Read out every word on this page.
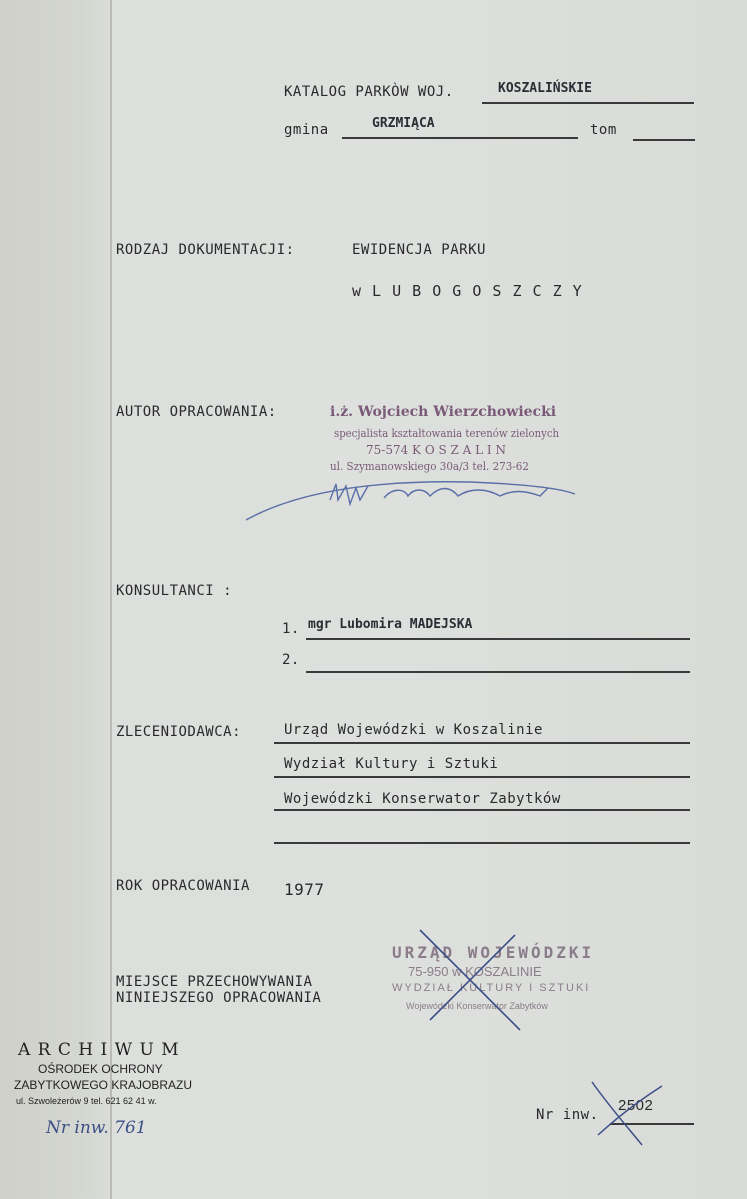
KATALOG PARKÒW WOJ.	KOSZALIŃSKIE
gmina	GRZMIĄCA	tom
RODZAJ DOKUMENTACJI:	EWIDENCJA PARKU
w L U B O G O S Z C Z Y
AUTOR OPRACOWANIA:	i.ż. Wojciech Wierzchowiecki
specjalista kształtowania terenów zielonych
75-574 K O S Z A L I N
ul. Szymanowskiego 30a/3 tel. 273-62
KONSULTANCI :
1. mgr Lubomira MADEJSKA
2.
ZLECENIODAWCA:	Urząd Wojewódzki w Koszalinie
Wydział Kultury i Sztuki
Wojewódzki Konserwator Zabytków
ROK OPRACOWANIA 1977
MIEJSCE PRZECHOWYWANIA
NINIEJSZEGO OPRACOWANIA
URZĄD WOJEWÓDZKI
75-950 w KOSZALINIE
WYDZIAŁ KULTURY I SZTUKI
Wojewódzki Konserwator Zabytków
A R C H I W U M
OŚRODEK OCHRONY
ZABYTKOWEGO KRAJOBRAZU
ul. Szwoleżerów 9 tel. 621 62 41 w.
Nr inw. 761
Nr inw.
2502
